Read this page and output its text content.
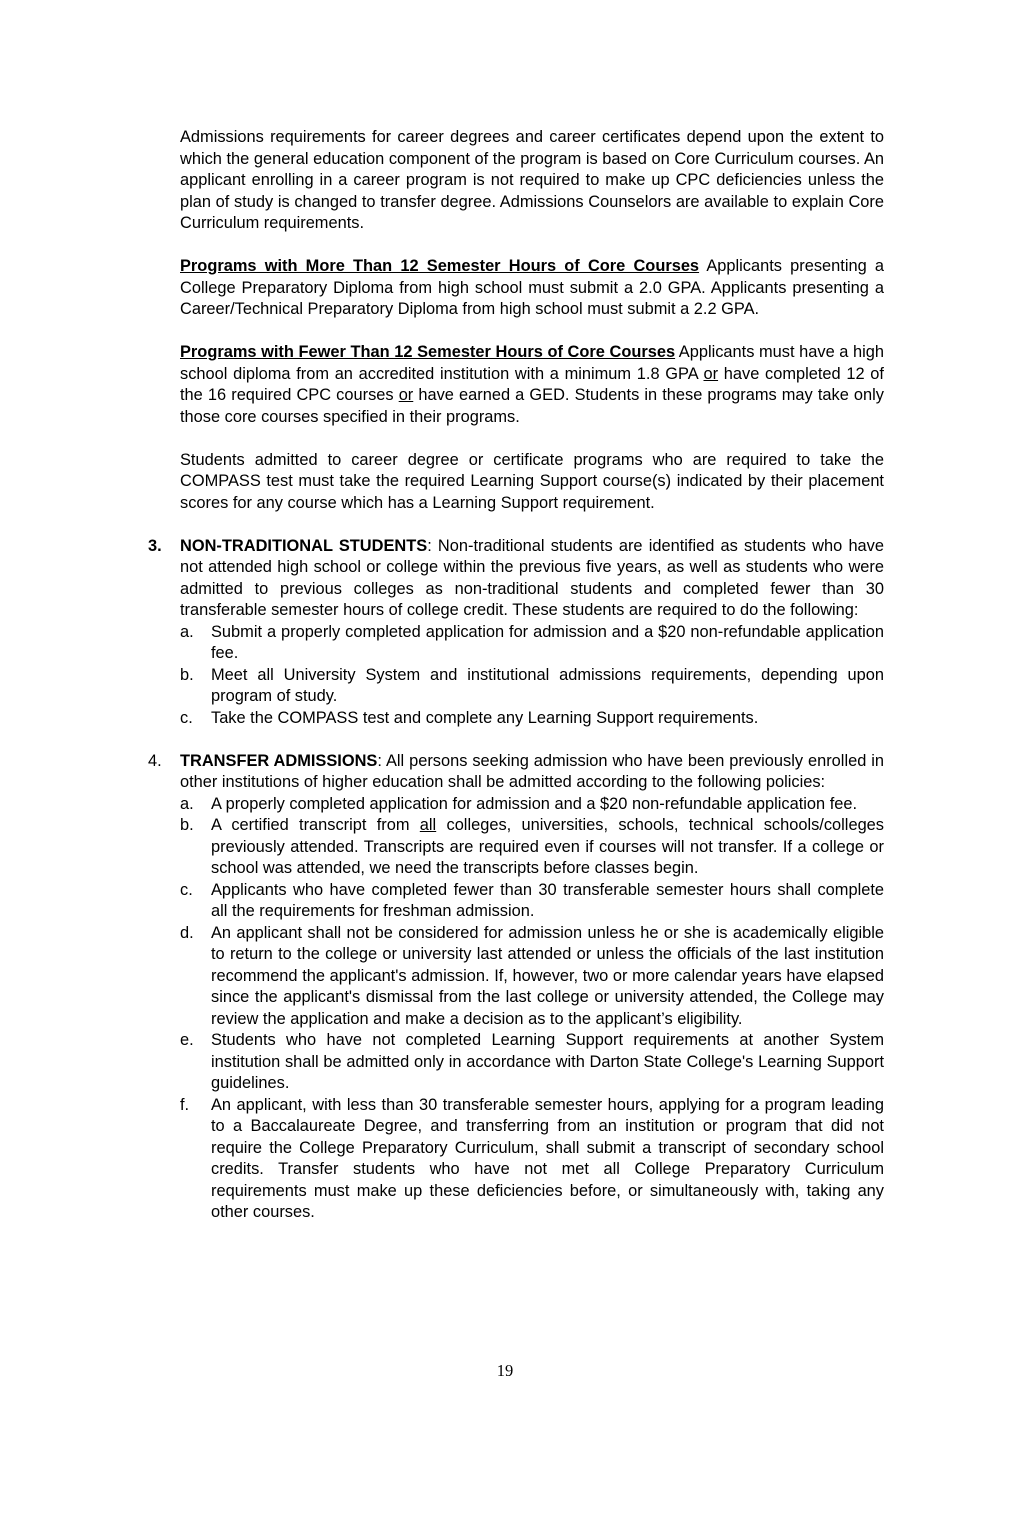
Admissions requirements for career degrees and career certificates depend upon the extent to which the general education component of the program is based on Core Curriculum courses. An applicant enrolling in a career program is not required to make up CPC deficiencies unless the plan of study is changed to transfer degree. Admissions Counselors are available to explain Core Curriculum requirements.

Programs with More Than 12 Semester Hours of Core Courses Applicants presenting a College Preparatory Diploma from high school must submit a 2.0 GPA. Applicants presenting a Career/Technical Preparatory Diploma from high school must submit a 2.2 GPA.

Programs with Fewer Than 12 Semester Hours of Core Courses Applicants must have a high school diploma from an accredited institution with a minimum 1.8 GPA or have completed 12 of the 16 required CPC courses or have earned a GED. Students in these programs may take only those core courses specified in their programs.

Students admitted to career degree or certificate programs who are required to take the COMPASS test must take the required Learning Support course(s) indicated by their placement scores for any course which has a Learning Support requirement.

3. NON-TRADITIONAL STUDENTS: Non-traditional students are identified as students who have not attended high school or college within the previous five years, as well as students who were admitted to previous colleges as non-traditional students and completed fewer than 30 transferable semester hours of college credit. These students are required to do the following:

a. Submit a properly completed application for admission and a $20 non-refundable application fee.
b. Meet all University System and institutional admissions requirements, depending upon program of study.
c. Take the COMPASS test and complete any Learning Support requirements.
4. TRANSFER ADMISSIONS: All persons seeking admission who have been previously enrolled in other institutions of higher education shall be admitted according to the following policies:

a. A properly completed application for admission and a $20 non-refundable application fee.
b. A certified transcript from all colleges, universities, schools, technical schools/colleges previously attended. Transcripts are required even if courses will not transfer. If a college or school was attended, we need the transcripts before classes begin.
c. Applicants who have completed fewer than 30 transferable semester hours shall complete all the requirements for freshman admission.
d. An applicant shall not be considered for admission unless he or she is academically eligible to return to the college or university last attended or unless the officials of the last institution recommend the applicant's admission. If, however, two or more calendar years have elapsed since the applicant's dismissal from the last college or university attended, the College may review the application and make a decision as to the applicant’s eligibility.
e. Students who have not completed Learning Support requirements at another System institution shall be admitted only in accordance with Darton State College's Learning Support guidelines.
f. An applicant, with less than 30 transferable semester hours, applying for a program leading to a Baccalaureate Degree, and transferring from an institution or program that did not require the College Preparatory Curriculum, shall submit a transcript of secondary school credits. Transfer students who have not met all College Preparatory Curriculum requirements must make up these deficiencies before, or simultaneously with, taking any other courses.
19
